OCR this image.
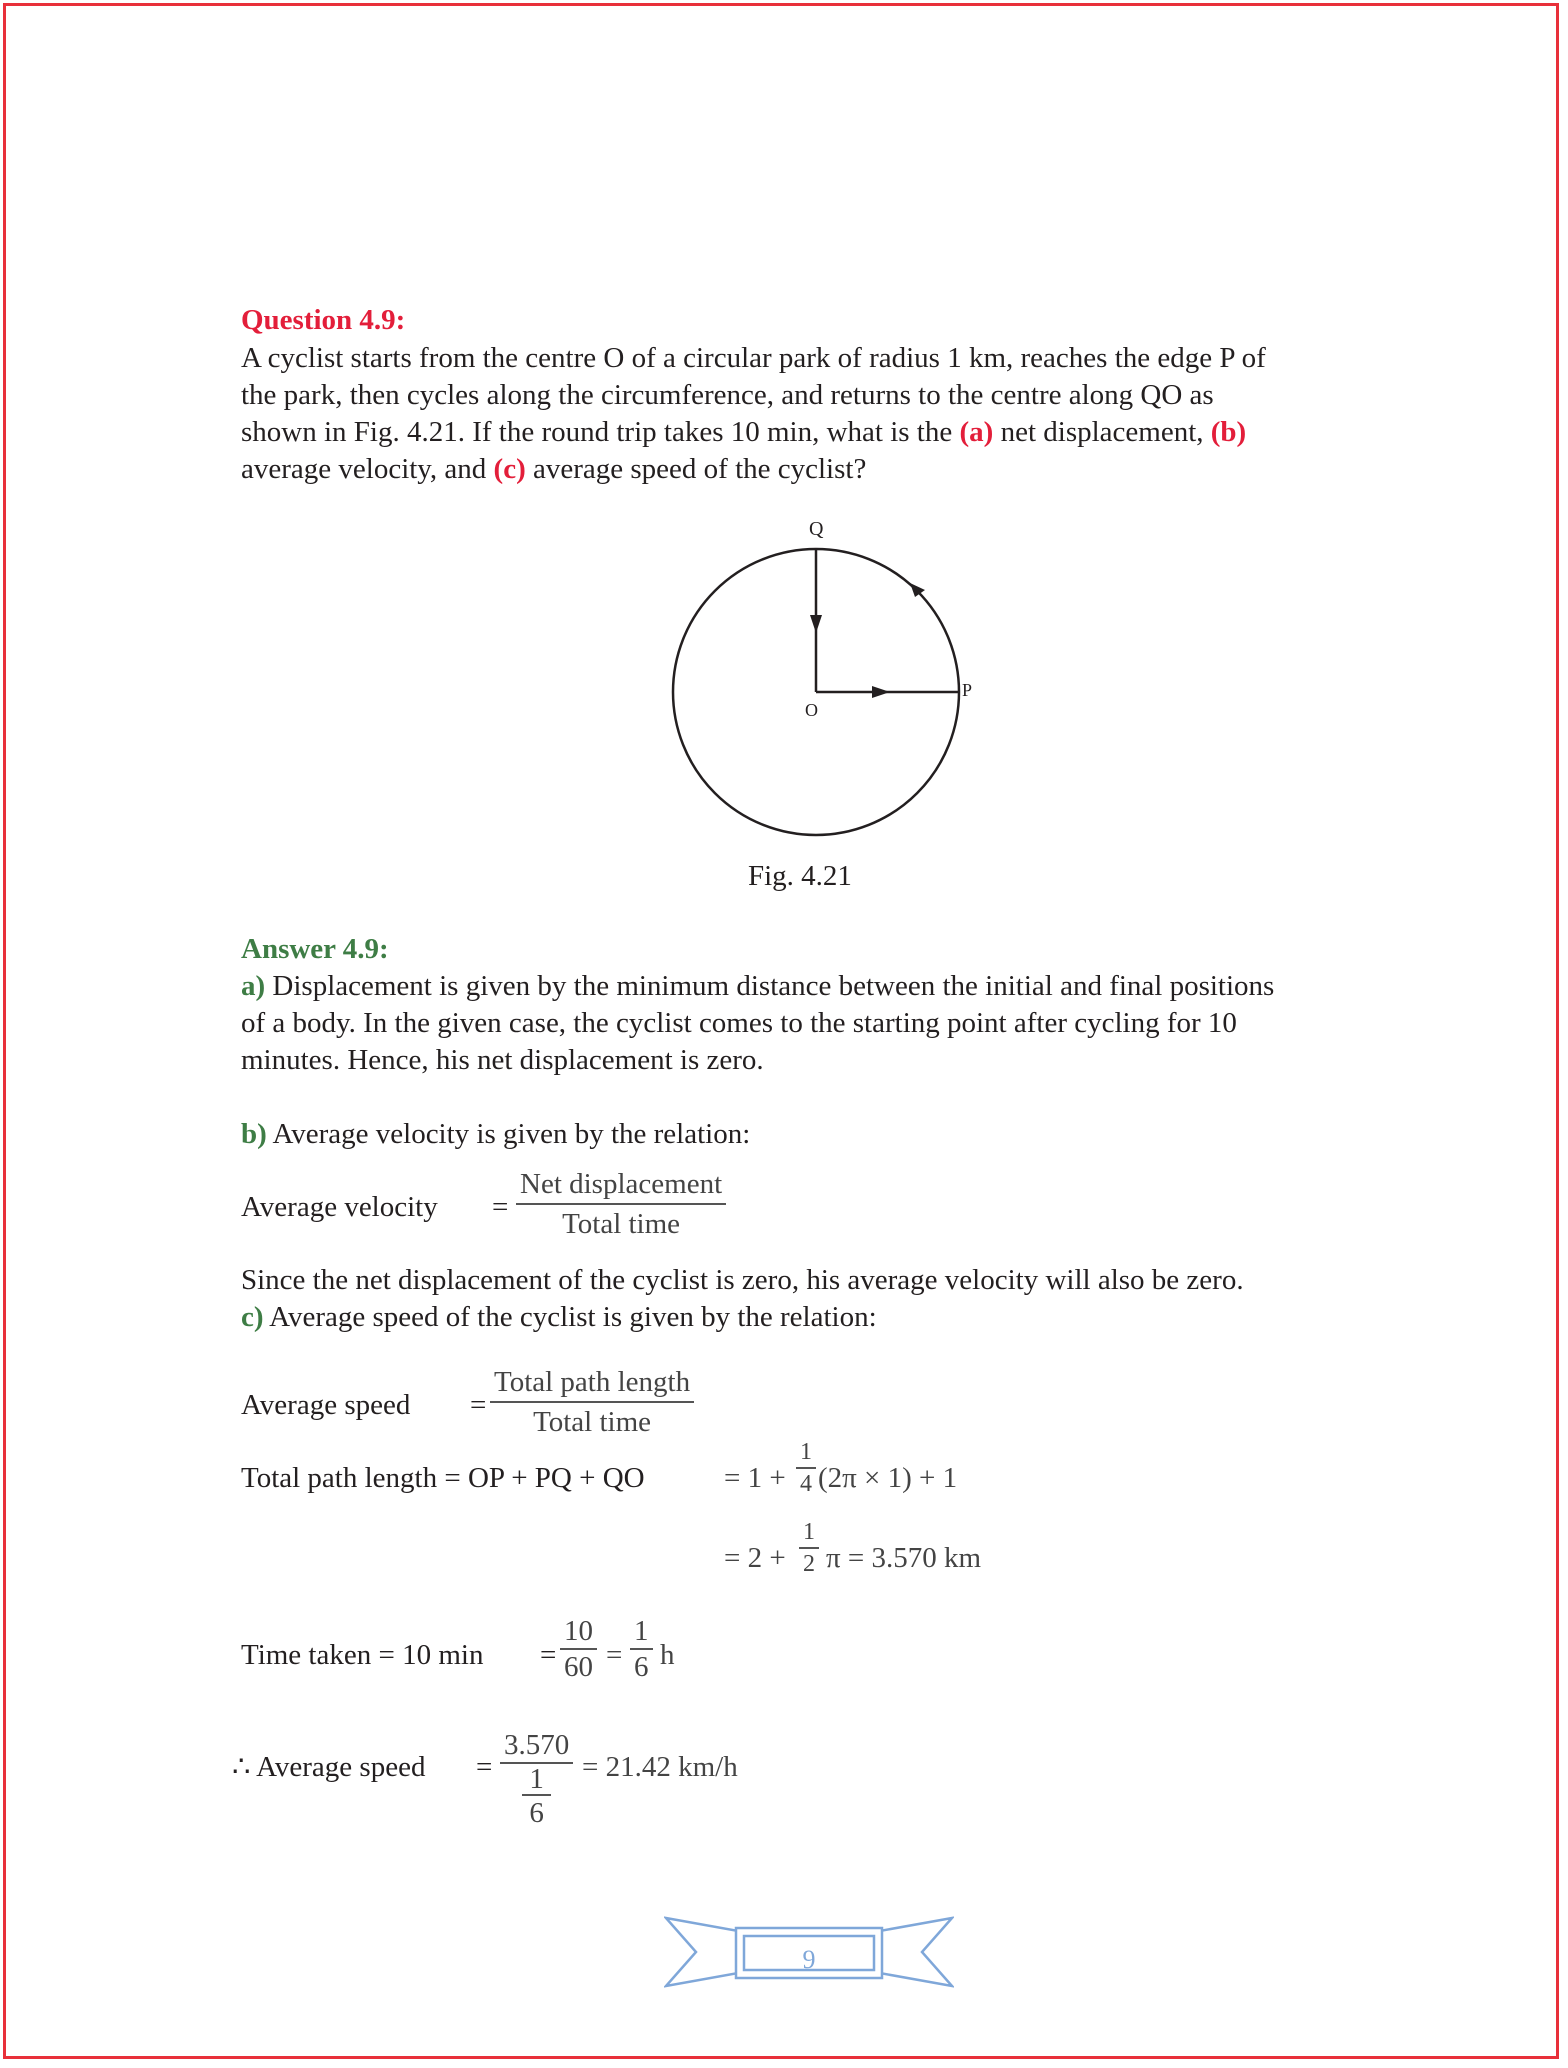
Question 4.9:
A cyclist starts from the centre O of a circular park of radius 1 km, reaches the edge P of
the park, then cycles along the circumference, and returns to the centre along QO as
shown in Fig. 4.21. If the round trip takes 10 min, what is the (a) net displacement, (b)
average velocity, and (c) average speed of the cyclist?
Q
O
P
Fig. 4.21
Answer 4.9:
a) Displacement is given by the minimum distance between the initial and final positions
of a body. In the given case, the cyclist comes to the starting point after cycling for 10
minutes. Hence, his net displacement is zero.
b) Average velocity is given by the relation:
Average velocity =
Net displacement
Total time
Since the net displacement of the cyclist is zero, his average velocity will also be zero.
c) Average speed of the cyclist is given by the relation:
Average speed =
Total path length
Total time
Total path length = OP + PQ + QO	= 1 +
1
4 (2π × 1) + 1
= 2 +
1
2 π = 3.570 km
Time taken = 10 min =
10
60 =
1
6 h
∴ Average speed =
3.570
1
6
= 21.42 km/h
9
